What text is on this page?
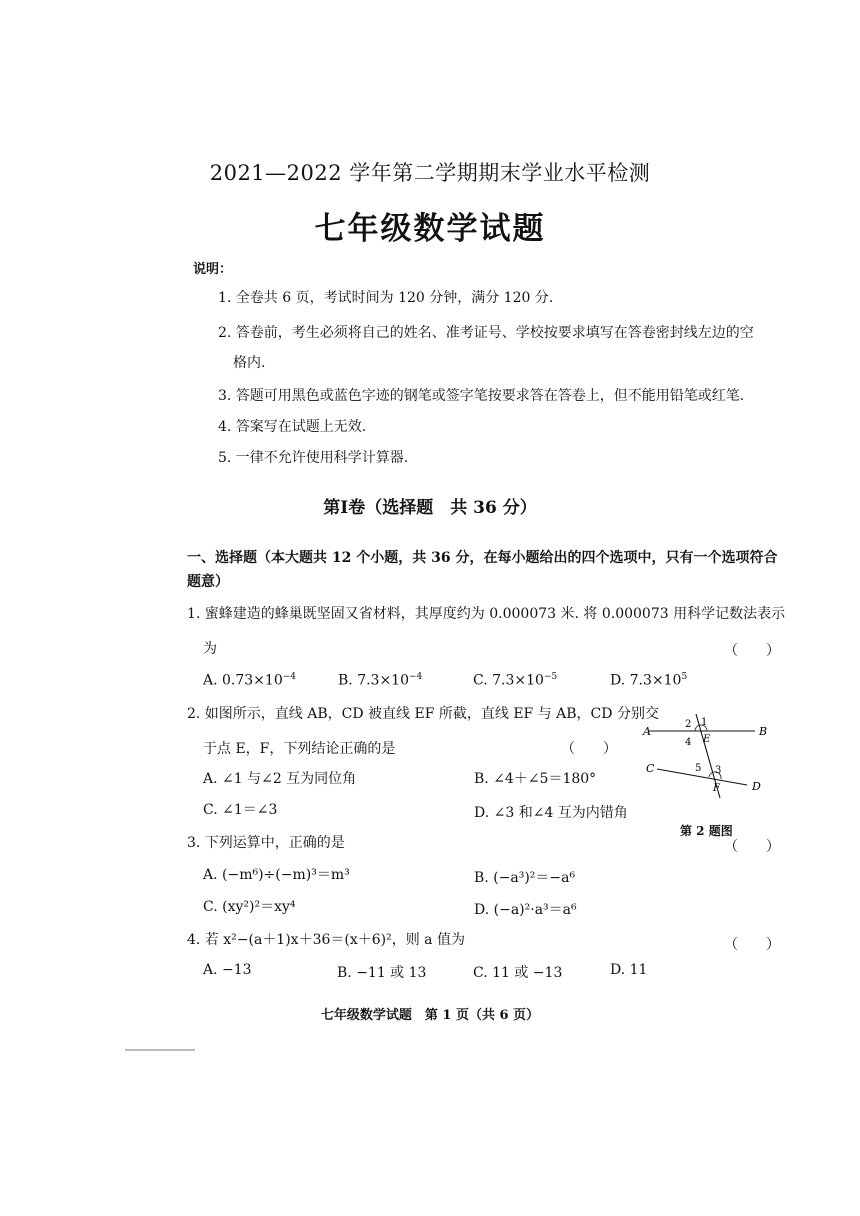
2021—2022 学年第二学期期末学业水平检测
七年级数学试题
说明：
1. 全卷共 6 页，考试时间为 120 分钟，满分 120 分.
2. 答卷前，考生必须将自己的姓名、准考证号、学校按要求填写在答卷密封线左边的空
格内.
3. 答题可用黑色或蓝色字迹的钢笔或签字笔按要求答在答卷上，但不能用铅笔或红笔.
4. 答案写在试题上无效.
5. 一律不允许使用科学计算器.
第Ⅰ卷（选择题　共 36 分）
一、选择题（本大题共 12 个小题，共 36 分，在每小题给出的四个选项中，只有一个选项符合题意）
1. 蜜蜂建造的蜂巢既坚固又省材料，其厚度约为 0.000073 米. 将 0.000073 用科学记数法表示
为	（　　）
A. $0.73\times 10^{-4}$	B. $7.3\times 10^{-4}$	C. $7.3\times 10^{-5}$	D. $7.3\times 10^5$
2. 如图所示，直线 AB，CD 被直线 EF 所截，直线 EF 与 AB，CD 分别交
于点 E，F，下列结论正确的是	（　　）
A. ∠1 与∠2 互为同位角	B. ∠4＋∠5＝180°
C. ∠1＝∠3	D. ∠3 和∠4 互为内错角
A	B
C
D
E
F
1
2
3
4
5
第 2 题图
3. 下列运算中，正确的是	（　　）
A. (−m⁶)÷(−m)³＝m³	B. (−a³)²＝−a⁶
C. (xy²)²＝xy⁴	D. (−a)²·a³＝a⁶
4. 若 x²−(a＋1)x＋36＝(x＋6)²，则 a 值为	（　　）
A. −13	B. −11 或 13	C. 11 或 −13	D. 11
七年级数学试题　第 1 页（共 6 页）
